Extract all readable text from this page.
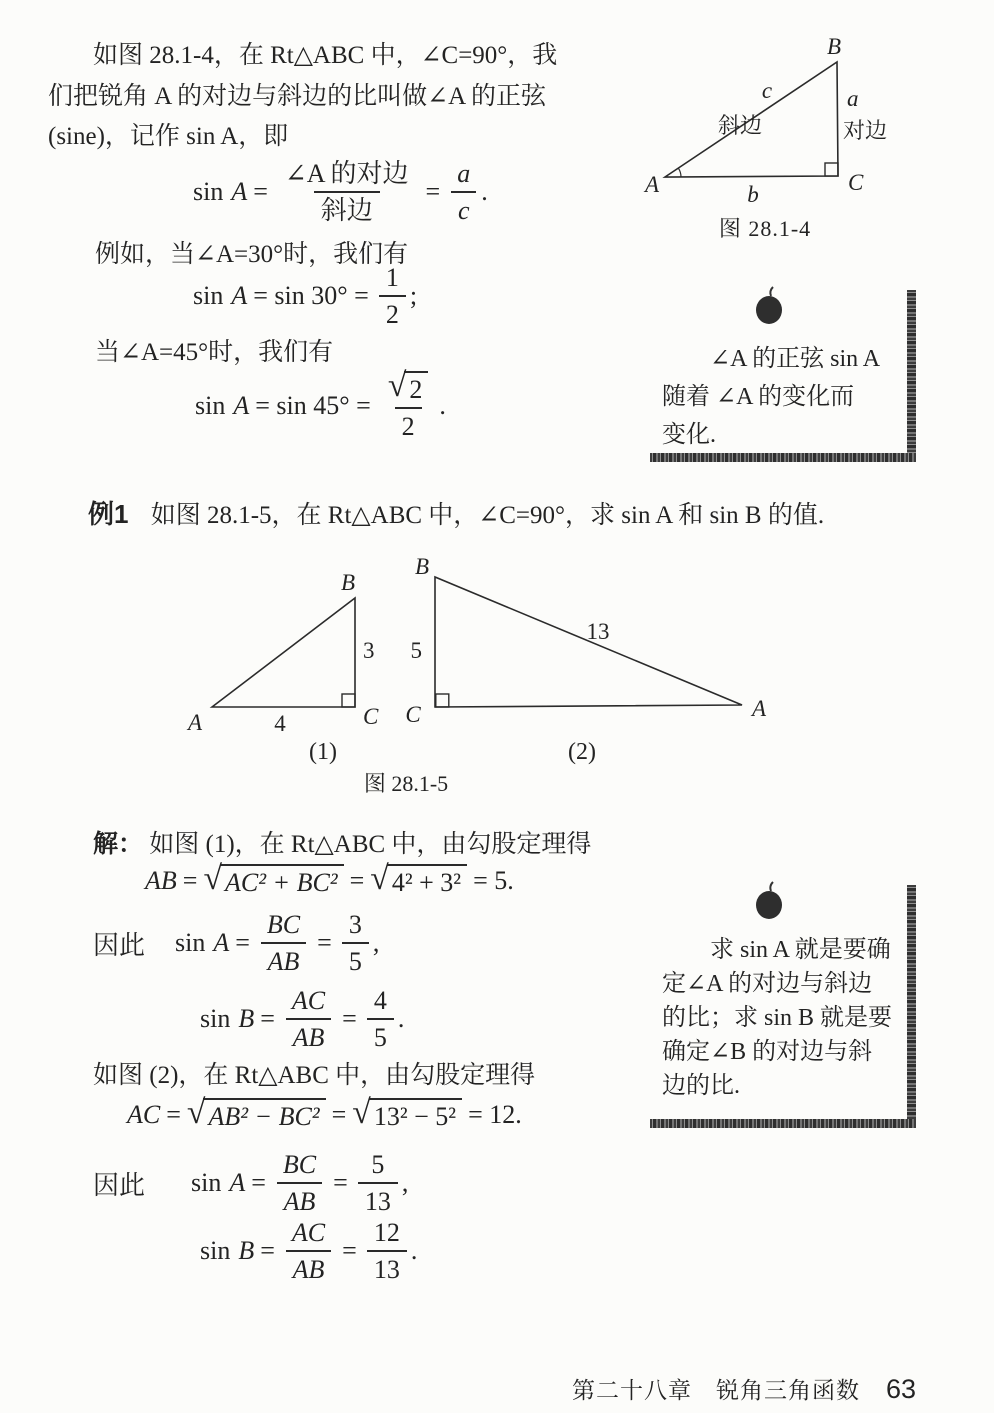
如图 28.1-4，在 Rt△ABC 中，∠C=90°，我
们把锐角 A 的对边与斜边的比叫做∠A 的正弦
(sine)，记作 sin A，即
$\sin A = \frac{\text{∠A 的对边}}{\text{斜边}} = \frac{a}{c}$ .
例如，当∠A=30°时，我们有
$\sin A = \sin 30^\circ = \frac{1}{2}$ ;
当∠A=45°时，我们有
$\sin A = \sin 45^\circ = \frac{√ 2}{2}$ .
A
B
C
c
斜边
a
对边
b
图 28.1-4

∠A 的正弦 sin A

随着 ∠A 的变化而

变化.

例1 如图 28.1-5，在 Rt△ABC 中，∠C=90°，求 sin A 和 sin B 的值.
A
B
C
3
4
(1)
B
C	A
5
13
(2)
图 28.1-5
解： 如图 (1)，在 Rt△ABC 中，由勾股定理得
AB = √ AC² + BC² = √ 4² + 3² = 5.
因此 $\sin A = \frac{BC}{AB} = \frac{3}{5}$ ,
$\sin B = \frac{AC}{AB} = \frac{4}{5}$ .

求 sin A 就是要确

定∠A 的对边与斜边

的比；求 sin B 就是要

确定∠B 的对边与斜

边的比.

如图 (2)，在 Rt△ABC 中，由勾股定理得
AC = √ AB² − BC² = √ 13² − 5² = 12.
因此 $\sin A = \frac{BC}{AB} = \frac{5}{13}$ ,
$\sin B = \frac{AC}{AB} = \frac{12}{13}$ .
第二十八章　锐角三角函数 63
